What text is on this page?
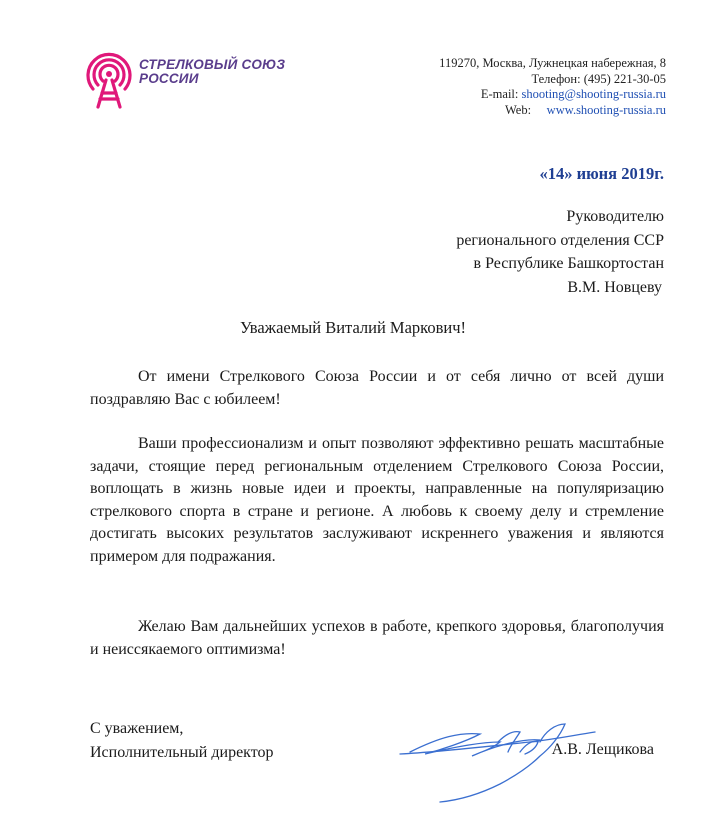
СТРЕЛКОВЫЙ СОЮЗ
РОССИИ
119270, Москва, Лужнецкая набережная, 8
Телефон: (495) 221-30-05
E-mail: shooting@shooting-russia.ru
Web: www.shooting-russia.ru
«14» июня 2019г.
Руководителю
регионального отделения ССР
в Республике Башкортостан
В.М. Новцеву
Уважаемый Виталий Маркович!
От имени Стрелкового Союза России и от себя лично от всей души поздравляю Вас с юбилеем!
Ваши профессионализм и опыт позволяют эффективно решать масштабные задачи, стоящие перед региональным отделением Стрелкового Союза России, воплощать в жизнь новые идеи и проекты, направленные на популяризацию стрелкового спорта в стране и регионе. А любовь к своему делу и стремление достигать высоких результатов заслуживают искреннего уважения и являются примером для подражания.
Желаю Вам дальнейших успехов в работе, крепкого здоровья, благополучия и неиссякаемого оптимизма!
С уважением,
Исполнительный директор	А.В. Лещикова
